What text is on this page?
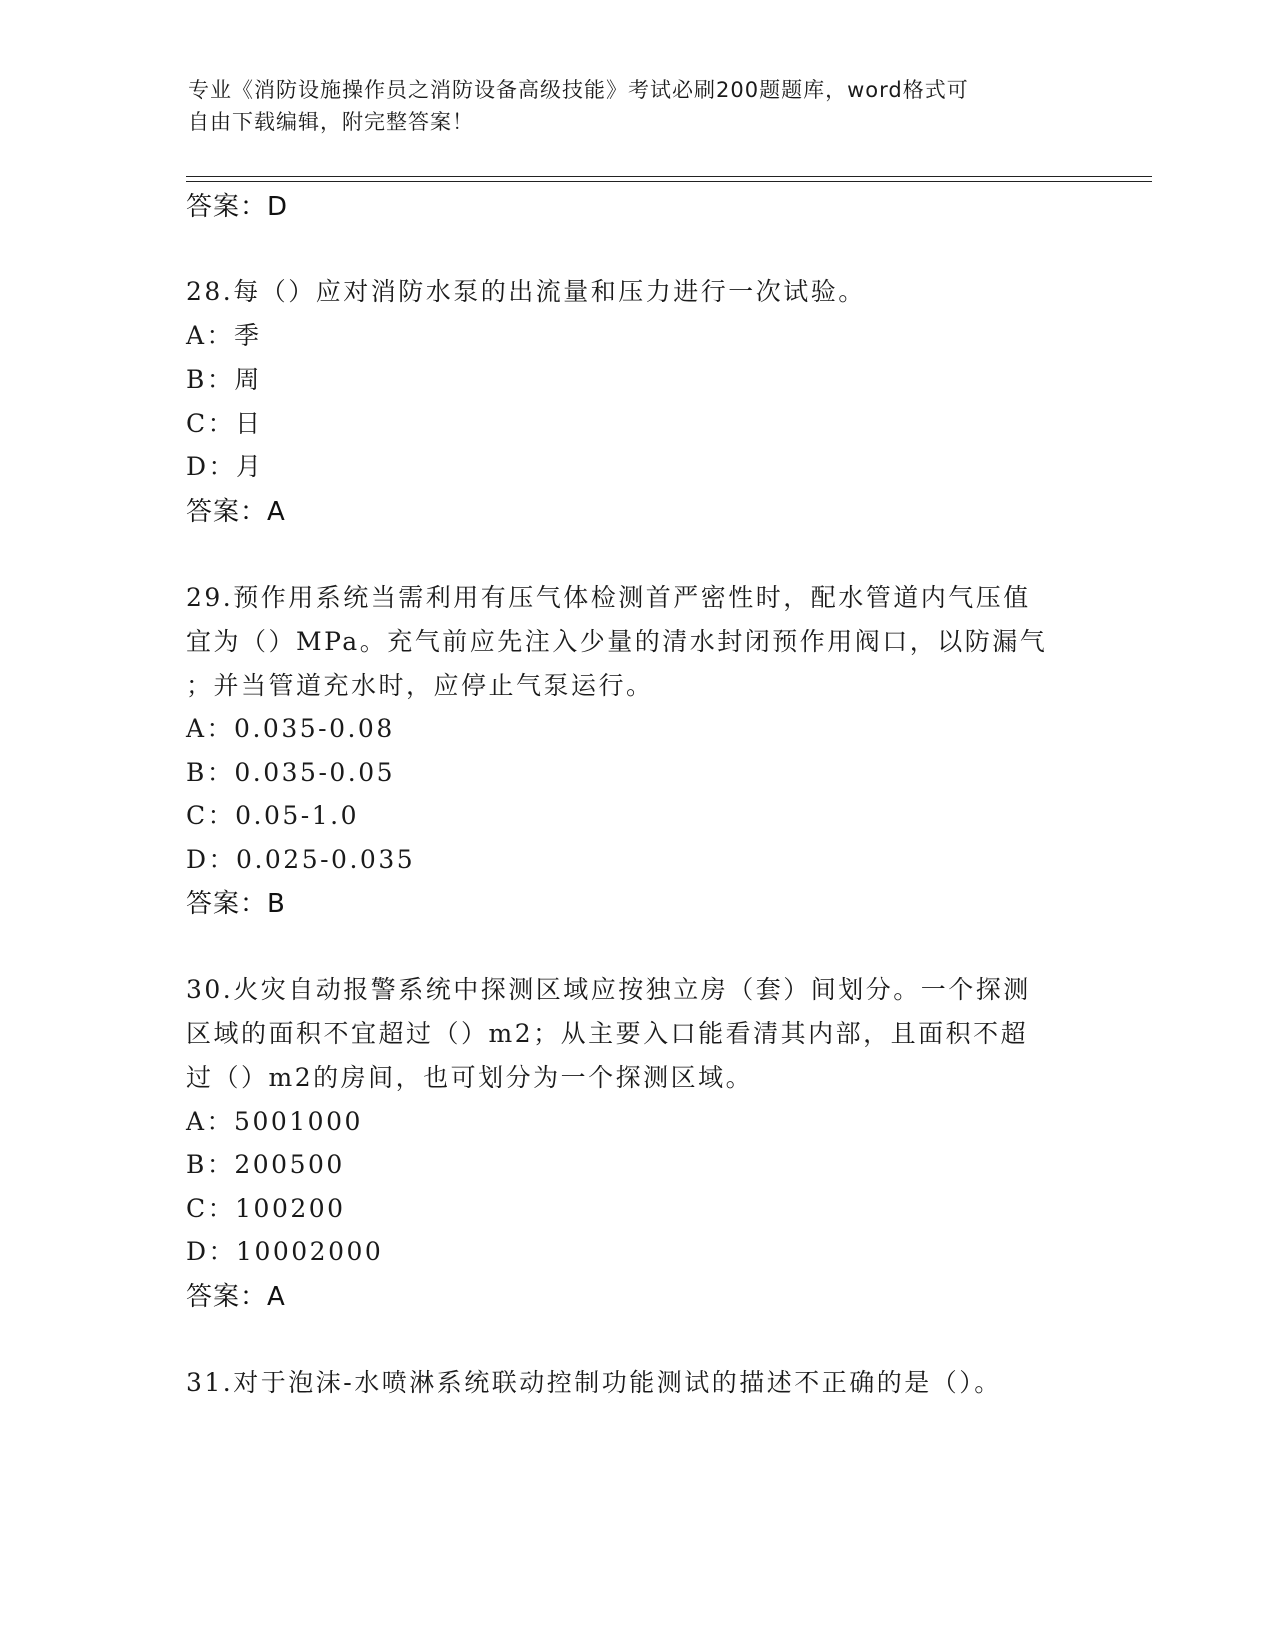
专业《消防设施操作员之消防设备高级技能》考试必刷200题题库，word格式可
自由下载编辑，附完整答案！
答案：D
28.每（）应对消防水泵的出流量和压力进行一次试验。
A：季
B：周
C：日
D：月
答案：A
29.预作用系统当需利用有压气体检测首严密性时，配水管道内气压值
宜为（）MPa。充气前应先注入少量的清水封闭预作用阀口，以防漏气
；并当管道充水时，应停止气泵运行。
A：0.035-0.08
B：0.035-0.05
C：0.05-1.0
D：0.025-0.035
答案：B
30.火灾自动报警系统中探测区域应按独立房（套）间划分。一个探测
区域的面积不宜超过（）m2；从主要入口能看清其内部，且面积不超
过（）m2的房间，也可划分为一个探测区域。
A：5001000
B：200500
C：100200
D：10002000
答案：A
31.对于泡沫-水喷淋系统联动控制功能测试的描述不正确的是（）。
